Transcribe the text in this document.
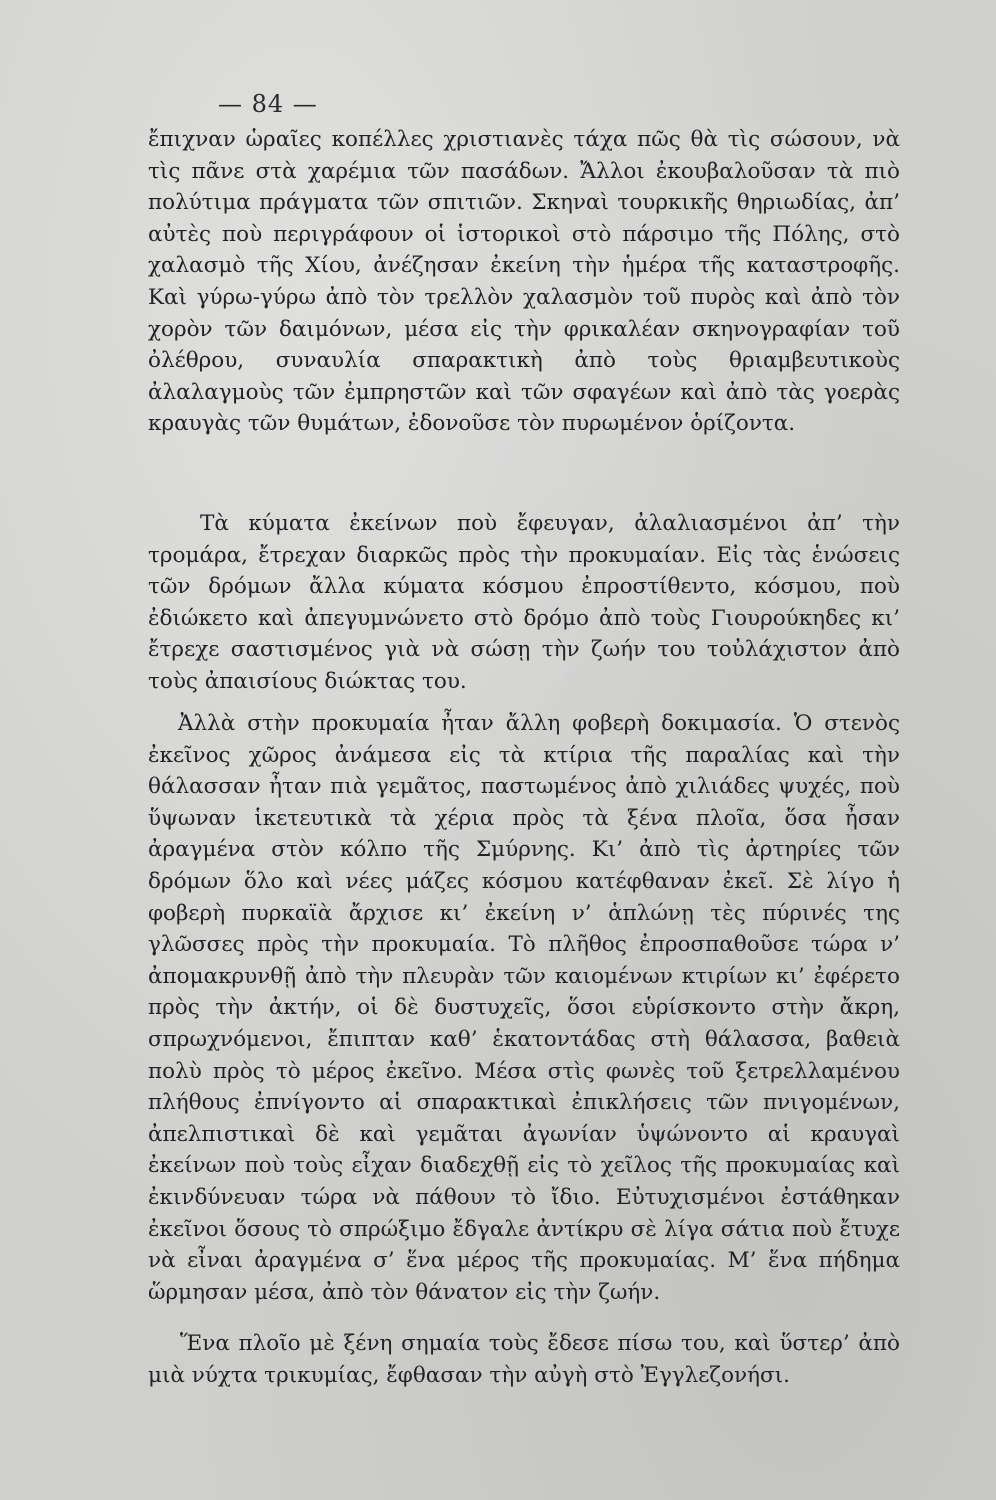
— 84 —

ἔπιχναν ὡραῖες κοπέλλες χριστιανὲς τάχα πῶς θὰ τὶς σώσουν, νὰ τὶς πᾶνε στὰ χαρέμια τῶν πασάδων. Ἄλλοι ἐκουβαλοῦσαν τὰ πιὸ πολύτιμα πράγματα τῶν σπιτιῶν. Σκηναὶ τουρκικῆς θηριωδίας, ἀπ’ αὐτὲς ποὺ περιγράφουν οἱ ἱστορικοὶ στὸ πάρσιμο τῆς Πόλης, στὸ χαλασμὸ τῆς Χίου, ἀνέζησαν ἐκείνη τὴν ἡμέρα τῆς καταστροφῆς. Καὶ γύρω-γύρω ἀπὸ τὸν τρελλὸν χαλασμὸν τοῦ πυρὸς καὶ ἀπὸ τὸν χορὸν τῶν δαιμόνων, μέσα εἰς τὴν φρικαλέαν σκηνογραφίαν τοῦ ὀλέθρου, συναυλία σπαρακτικὴ ἀπὸ τοὺς θριαμβευτικοὺς ἀλαλαγμοὺς τῶν ἐμπρηστῶν καὶ τῶν σφαγέων καὶ ἀπὸ τὰς γοερὰς κραυγὰς τῶν θυμάτων, ἐδονοῦσε τὸν πυρωμένον ὁρίζοντα.

Τὰ κύματα ἐκείνων ποὺ ἔφευγαν, ἀλαλιασμένοι ἀπ’ τὴν τρομάρα, ἔτρεχαν διαρκῶς πρὸς τὴν προκυμαίαν. Εἰς τὰς ἑνώσεις τῶν δρόμων ἄλλα κύματα κόσμου ἐπροστίθεντο, κόσμου, ποὺ ἐδιώκετο καὶ ἀπεγυμνώνετο στὸ δρόμο ἀπὸ τοὺς Γιουρούκηδες κι’ ἔτρεχε σαστισμένος γιὰ νὰ σώσῃ τὴν ζωήν του τοὐλάχιστον ἀπὸ τοὺς ἀπαισίους διώκτας του.

Ἀλλὰ στὴν προκυμαία ἦταν ἄλλη φοβερὴ δοκιμασία. Ὁ στενὸς ἐκεῖνος χῶρος ἀνάμεσα εἰς τὰ κτίρια τῆς παραλίας καὶ τὴν θάλασσαν ἦταν πιὰ γεμᾶτος, παστωμένος ἀπὸ χιλιάδες ψυχές, ποὺ ὕψωναν ἱκετευτικὰ τὰ χέρια πρὸς τὰ ξένα πλοῖα, ὅσα ἦσαν ἀραγμένα στὸν κόλπο τῆς Σμύρνης. Κι’ ἀπὸ τὶς ἀρτηρίες τῶν δρόμων ὅλο καὶ νέες μάζες κόσμου κατέφθαναν ἐκεῖ. Σὲ λίγο ἡ φοβερὴ πυρκαϊὰ ἄρχισε κι’ ἐκείνη ν’ ἁπλώνῃ τὲς πύρινές της γλῶσσες πρὸς τὴν προκυμαία. Τὸ πλῆθος ἐπροσπαθοῦσε τώρα ν’ ἀπομακρυνθῇ ἀπὸ τὴν πλευρὰν τῶν καιομένων κτιρίων κι’ ἐφέρετο πρὸς τὴν ἀκτήν, οἱ δὲ δυστυχεῖς, ὅσοι εὑρίσκοντο στὴν ἄκρη, σπρωχνόμενοι, ἔπιπταν καθ’ ἑκατοντάδας στὴ θάλασσα, βαθειὰ πολὺ πρὸς τὸ μέρος ἐκεῖνο. Μέσα στὶς φωνὲς τοῦ ξετρελλαμένου πλήθους ἐπνίγοντο αἱ σπαρακτικαὶ ἐπικλήσεις τῶν πνιγομένων, ἀπελπιστικαὶ δὲ καὶ γεμᾶται ἀγωνίαν ὑψώνοντο αἱ κραυγαὶ ἐκείνων ποὺ τοὺς εἶχαν διαδεχθῇ εἰς τὸ χεῖλος τῆς προκυμαίας καὶ ἐκινδύνευαν τώρα νὰ πάθουν τὸ ἴδιο. Εὐτυχισμένοι ἐστάθηκαν ἐκεῖνοι ὅσους τὸ σπρώξιμο ἔδγαλε ἀντίκρυ σὲ λίγα σάτια ποὺ ἔτυχε νὰ εἶναι ἀραγμένα σ’ ἕνα μέρος τῆς προκυμαίας. Μ’ ἕνα πήδημα ὥρμησαν μέσα, ἀπὸ τὸν θάνατον εἰς τὴν ζωήν.

Ἕνα πλοῖο μὲ ξένη σημαία τοὺς ἔδεσε πίσω του, καὶ ὕστερ’ ἀπὸ μιὰ νύχτα τρικυμίας, ἔφθασαν τὴν αὐγὴ στὸ Ἐγγλεζονήσι.
